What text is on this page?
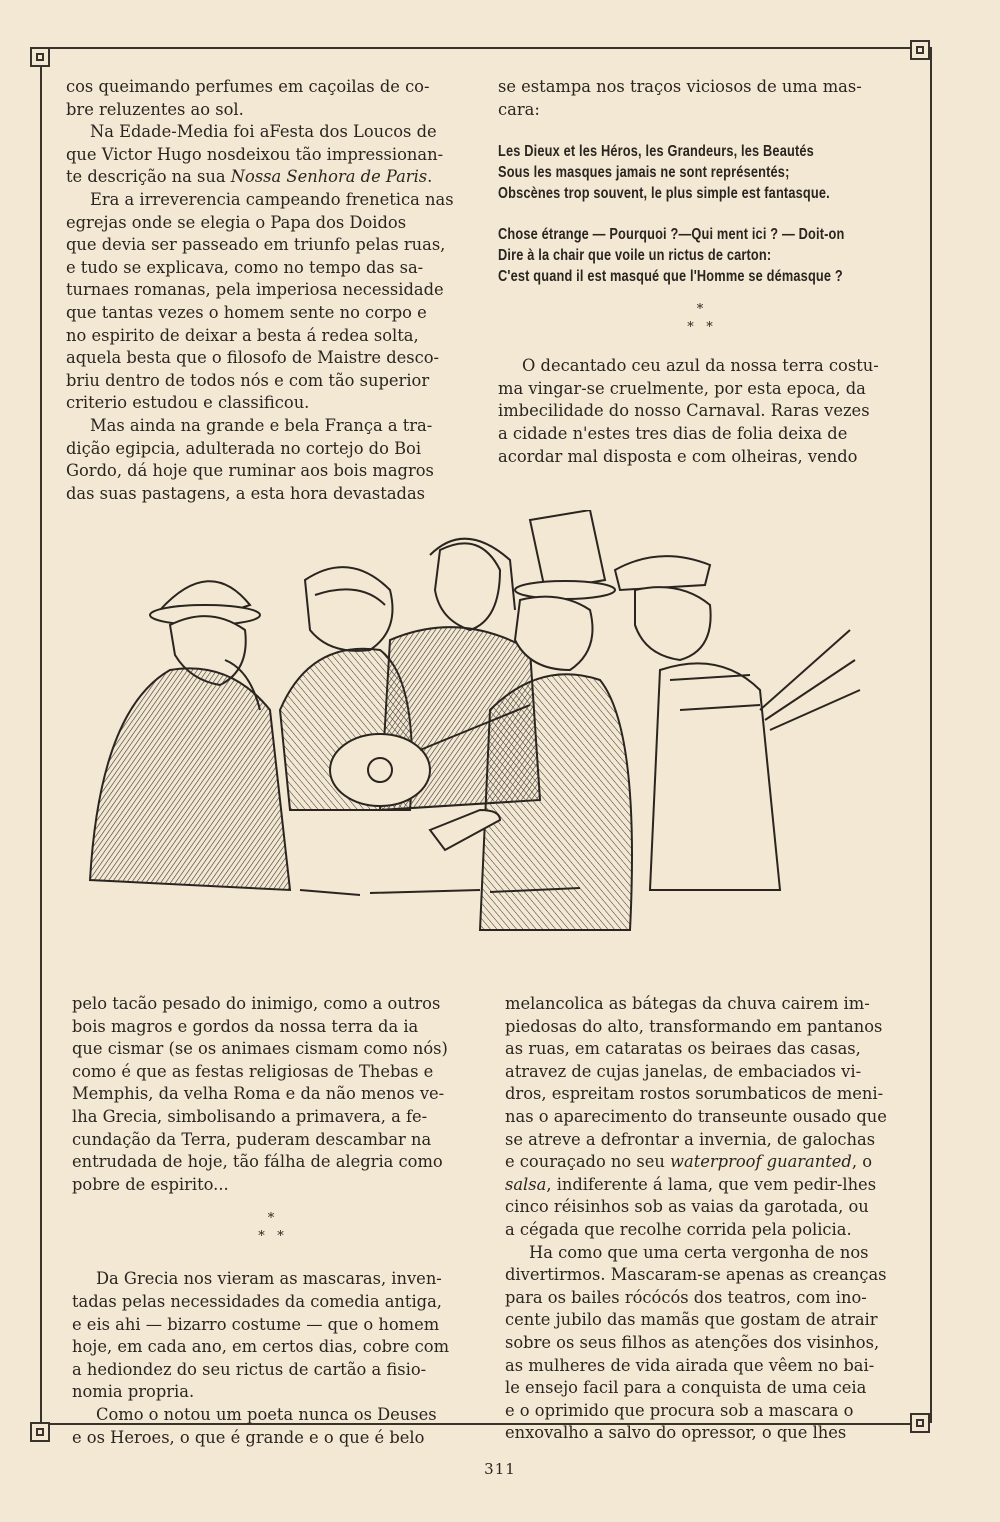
cos queimando perfumes em caçoilas de co-
bre reluzentes ao sol.

Na Edade-Media foi aFesta dos Loucos de
que Victor Hugo nosdeixou tão impressionan-
te descrição na sua Nossa Senhora de Paris.

Era a irreverencia campeando frenetica nas
egrejas onde se elegia o Papa dos Doidos
que devia ser passeado em triunfo pelas ruas,
e tudo se explicava, como no tempo das sa-
turnaes romanas, pela imperiosa necessidade
que tantas vezes o homem sente no corpo e
no espirito de deixar a besta á redea solta,
aquela besta que o filosofo de Maistre desco-
briu dentro de todos nós e com tão superior
criterio estudou e classificou.

Mas ainda na grande e bela França a tra-
dição egipcia, adulterada no cortejo do Boi
Gordo, dá hoje que ruminar aos bois magros
das suas pastagens, a esta hora devastadas

se estampa nos traços viciosos de uma mas-
cara:

Les Dieux et les Héros, les Grandeurs, les Beautés
Sous les masques jamais ne sont représentés;
Obscènes trop souvent, le plus simple est fantasque.
Chose étrange — Pourquoi ?—Qui ment ici ? — Doit-on
Dire à la chair que voile un rictus de carton:
C'est quand il est masqué que l'Homme se démasque ?
*
*   *

O decantado ceu azul da nossa terra costu-
ma vingar-se cruelmente, por esta epoca, da
imbecilidade do nosso Carnaval. Raras vezes
a cidade n'estes tres dias de folia deixa de
acordar mal disposta e com olheiras, vendo

pelo tacão pesado do inimigo, como a outros
bois magros e gordos da nossa terra da ia
que cismar (se os animaes cismam como nós)
como é que as festas religiosas de Thebas e
Memphis, da velha Roma e da não menos ve-
lha Grecia, simbolisando a primavera, a fe-
cundação da Terra, puderam descambar na
entrudada de hoje, tão fálha de alegria como
pobre de espirito...

*
*   *

Da Grecia nos vieram as mascaras, inven-
tadas pelas necessidades da comedia antiga,
e eis ahi — bizarro costume — que o homem
hoje, em cada ano, em certos dias, cobre com
a hediondez do seu rictus de cartão a fisio-
nomia propria.

Como o notou um poeta nunca os Deuses
e os Heroes, o que é grande e o que é belo

melancolica as bátegas da chuva cairem im-
piedosas do alto, transformando em pantanos
as ruas, em cataratas os beiraes das casas,
atravez de cujas janelas, de embaciados vi-
dros, espreitam rostos sorumbaticos de meni-
nas o aparecimento do transeunte ousado que
se atreve a defrontar a invernia, de galochas
e couraçado no seu waterproof guaranted, o
salsa, indiferente á lama, que vem pedir-lhes
cinco réisinhos sob as vaias da garotada, ou
a cégada que recolhe corrida pela policia.

Ha como que uma certa vergonha de nos
divertirmos. Mascaram-se apenas as creanças
para os bailes rócócós dos teatros, com ino-
cente jubilo das mamãs que gostam de atrair
sobre os seus filhos as atenções dos visinhos,
as mulheres de vida airada que vêem no bai-
le ensejo facil para a conquista de uma ceia
e o oprimido que procura sob a mascara o
enxovalho a salvo do opressor, o que lhes

311
